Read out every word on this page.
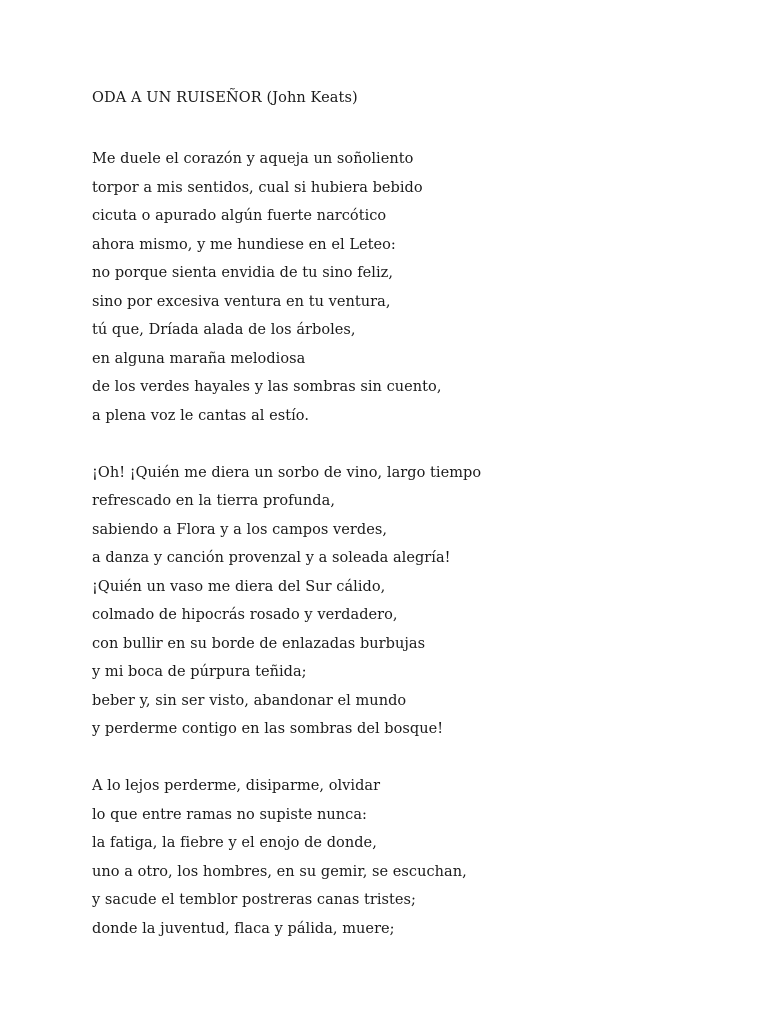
ODA A UN RUISEÑOR (John Keats)
Me duele el corazón y aqueja un soñoliento
torpor a mis sentidos, cual si hubiera bebido
cicuta o apurado algún fuerte narcótico
ahora mismo, y me hundiese en el Leteo:
no porque sienta envidia de tu sino feliz,
sino por excesiva ventura en tu ventura,
tú que, Dríada alada de los árboles,
en alguna maraña melodiosa
de los verdes hayales y las sombras sin cuento,
a plena voz le cantas al estío.
¡Oh! ¡Quién me diera un sorbo de vino, largo tiempo
refrescado en la tierra profunda,
sabiendo a Flora y a los campos verdes,
a danza y canción provenzal y a soleada alegría!
¡Quién un vaso me diera del Sur cálido,
colmado de hipocrás rosado y verdadero,
con bullir en su borde de enlazadas burbujas
y mi boca de púrpura teñida;
beber y, sin ser visto, abandonar el mundo
y perderme contigo en las sombras del bosque!
A lo lejos perderme, disiparme, olvidar
lo que entre ramas no supiste nunca:
la fatiga, la fiebre y el enojo de donde,
uno a otro, los hombres, en su gemir, se escuchan,
y sacude el temblor postreras canas tristes;
donde la juventud, flaca y pálida, muere;
